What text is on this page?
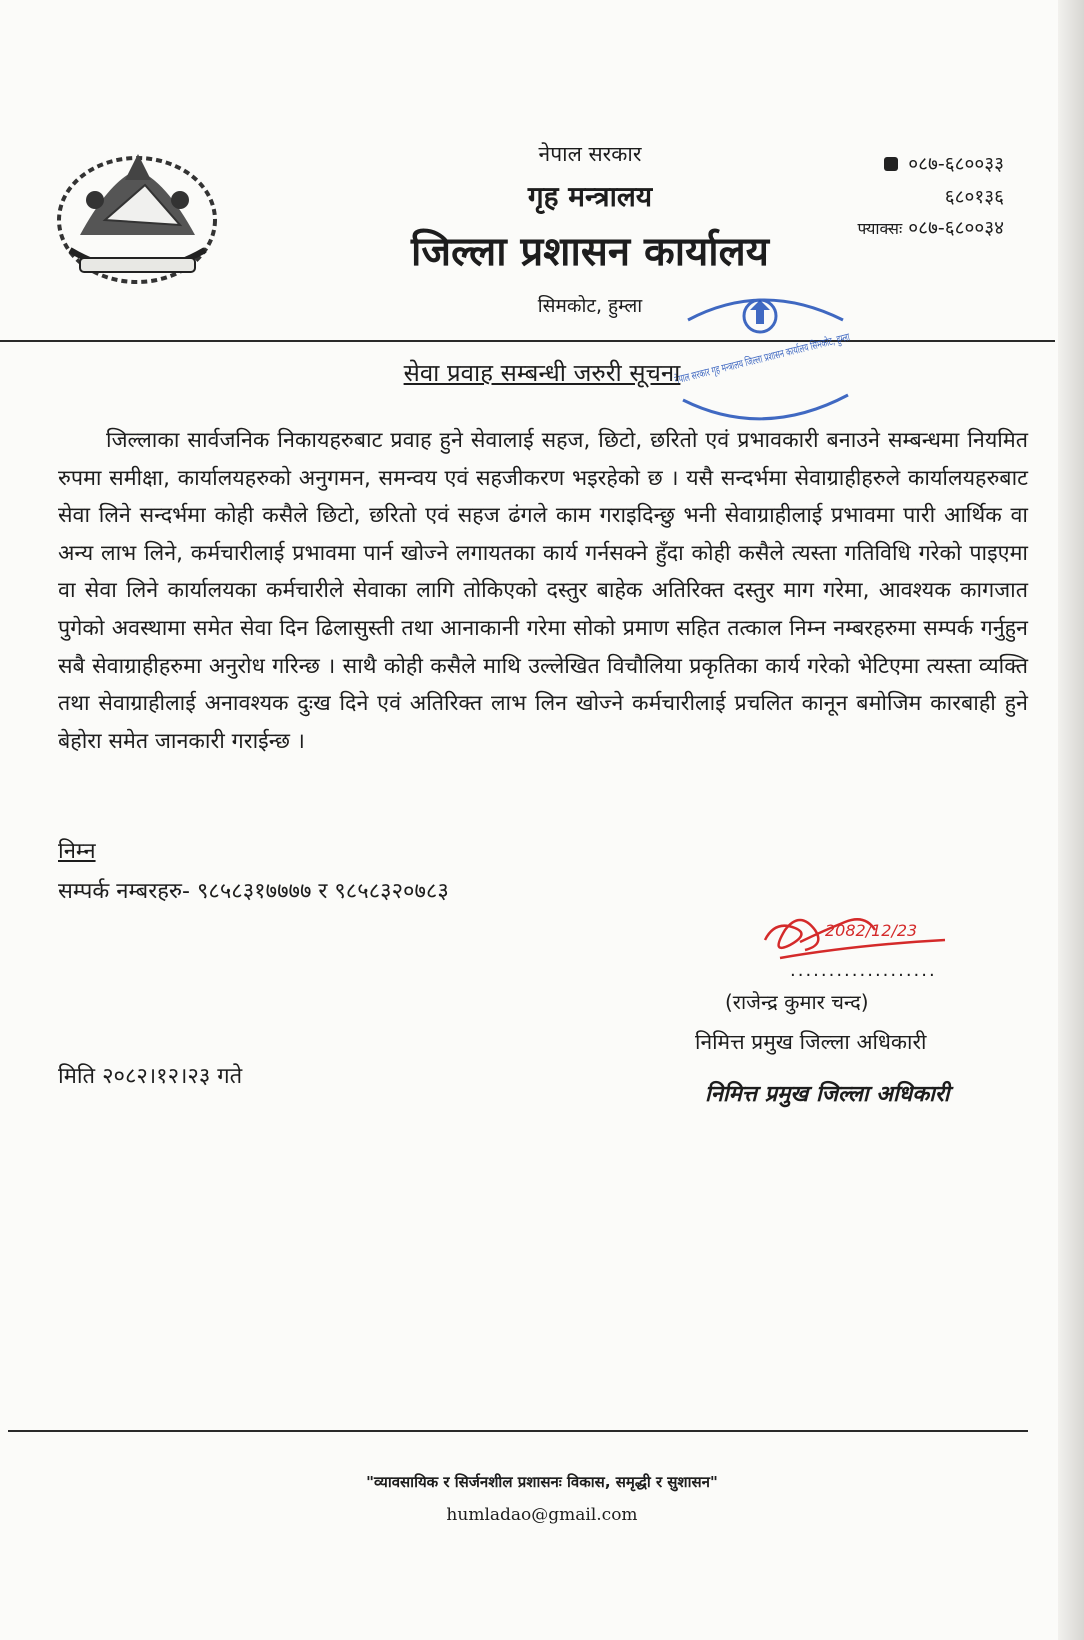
नेपाल सरकार
गृह मन्त्रालय
जिल्ला प्रशासन कार्यालय
सिमकोट, हुम्ला
०८७-६८००३३
६८०१३६
फ्याक्सः ०८७-६८००३४
नेपाल सरकार गृह मन्त्रालय जिल्ला प्रशासन कार्यालय सिमकोट, हुम्ला
सेवा प्रवाह सम्बन्धी जरुरी सूचना
जिल्लाका सार्वजनिक निकायहरुबाट प्रवाह हुने सेवालाई सहज, छिटो, छरितो एवं प्रभावकारी बनाउने सम्बन्धमा नियमित रुपमा समीक्षा, कार्यालयहरुको अनुगमन, समन्वय एवं सहजीकरण भइरहेको छ । यसै सन्दर्भमा सेवाग्राहीहरुले कार्यालयहरुबाट सेवा लिने सन्दर्भमा कोही कसैले छिटो, छरितो एवं सहज ढंगले काम गराइदिन्छु भनी सेवाग्राहीलाई प्रभावमा पारी आर्थिक वा अन्य लाभ लिने, कर्मचारीलाई प्रभावमा पार्न खोज्ने लगायतका कार्य गर्नसक्ने हुँदा कोही कसैले त्यस्ता गतिविधि गरेको पाइएमा वा सेवा लिने कार्यालयका कर्मचारीले सेवाका लागि तोकिएको दस्तुर बाहेक अतिरिक्त दस्तुर माग गरेमा, आवश्यक कागजात पुगेको अवस्थामा समेत सेवा दिन ढिलासुस्ती तथा आनाकानी गरेमा सोको प्रमाण सहित तत्काल निम्न नम्बरहरुमा सम्पर्क गर्नुहुन सबै सेवाग्राहीहरुमा अनुरोध गरिन्छ । साथै कोही कसैले माथि उल्लेखित विचौलिया प्रकृतिका कार्य गरेको भेटिएमा त्यस्ता व्यक्ति तथा सेवाग्राहीलाई अनावश्यक दुःख दिने एवं अतिरिक्त लाभ लिन खोज्ने कर्मचारीलाई प्रचलित कानून बमोजिम कारबाही हुने बेहोरा समेत जानकारी गराईन्छ ।
निम्न
सम्पर्क नम्बरहरु- ९८५८३१७७७७ र ९८५८३२०७८३
2082/12/23
...................
(राजेन्द्र कुमार चन्द)
निमित्त प्रमुख जिल्ला अधिकारी
निमित्त प्रमुख जिल्ला अधिकारी
मिति २०८२।१२।२३ गते
"व्यावसायिक र सिर्जनशील प्रशासनः विकास, समृद्धी र सुशासन"
humladao@gmail.com
